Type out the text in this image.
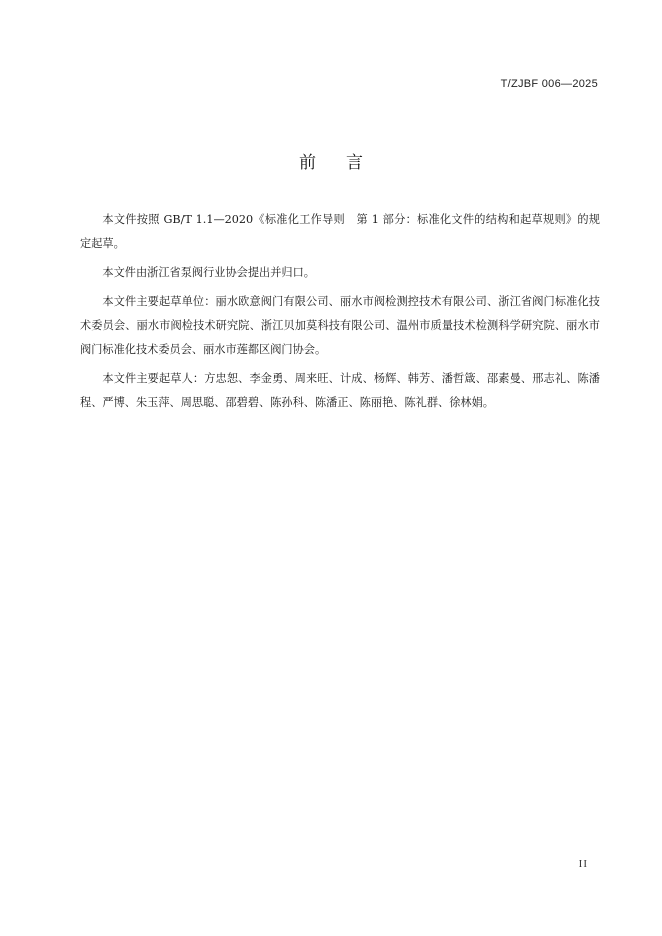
T/ZJBF 006—2025
前言

本文件按照 GB/T 1.1—2020《标准化工作导则　第 1 部分：标准化文件的结构和起草规则》的规定起草。

本文件由浙江省泵阀行业协会提出并归口。

本文件主要起草单位：丽水欧意阀门有限公司、丽水市阀检测控技术有限公司、浙江省阀门标准化技术委员会、丽水市阀检技术研究院、浙江贝加莫科技有限公司、温州市质量技术检测科学研究院、丽水市阀门标准化技术委员会、丽水市莲都区阀门协会。

本文件主要起草人：方忠恕、李金勇、周来旺、计成、杨辉、韩芳、潘哲箴、邵素曼、邢志礼、陈潘程、严博、朱玉萍、周思聪、邵碧碧、陈孙科、陈潘正、陈丽艳、陈礼群、徐林娟。

II
